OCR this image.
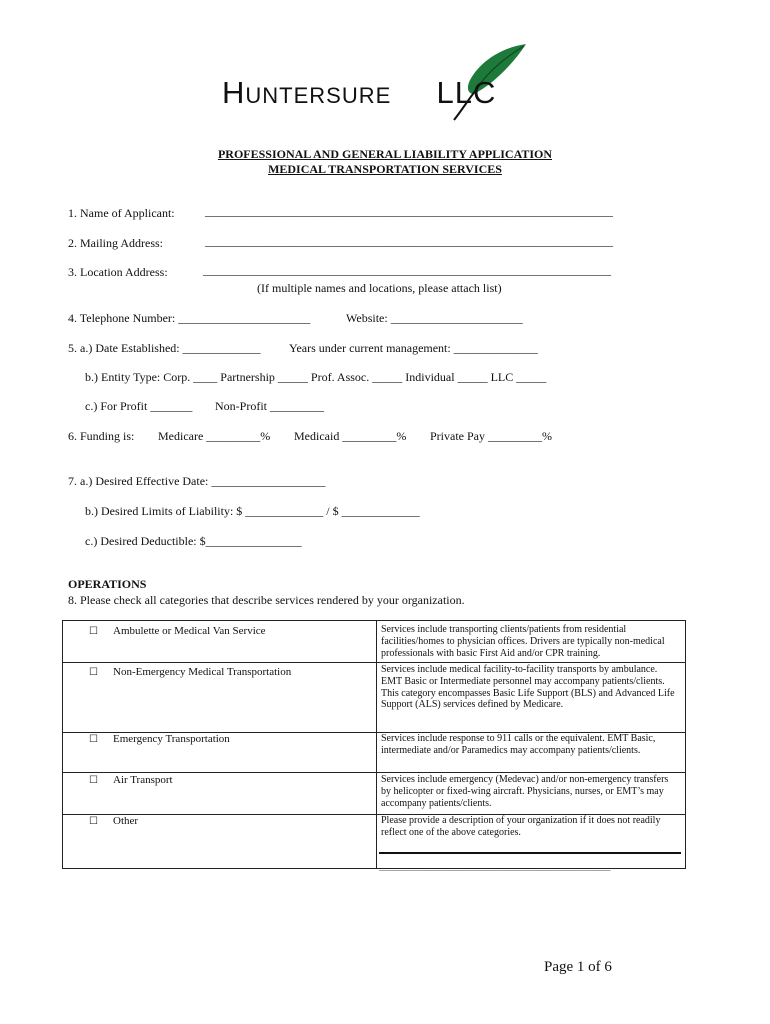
Huntersure LLC
PROFESSIONAL AND GENERAL LIABILITY APPLICATION
MEDICAL TRANSPORTATION SERVICES
1. Name of Applicant:	____________________________________________________________________
2. Mailing Address:	____________________________________________________________________
3. Location Address:	____________________________________________________________________
(If multiple names and locations, please attach list)
4. Telephone Number: ______________________	Website: ______________________
5. a.) Date Established: _____________ Years under current management: ______________
b.) Entity Type: Corp. ____ Partnership _____ Prof. Assoc. _____ Individual _____ LLC _____
c.) For Profit _______ Non-Profit _________
6. Funding is: Medicare _________% Medicaid _________% Private Pay _________%
7. a.) Desired Effective Date: ___________________
b.) Desired Limits of Liability: $ _____________ / $ _____________
c.) Desired Deductible: $________________
OPERATIONS
8. Please check all categories that describe services rendered by your organization.
☐ Ambulette or Medical Van Service	Services include transporting clients/patients from residential facilities/homes to physician offices. Drivers are typically non-medical professionals with basic First Aid and/or CPR training.
☐ Non-Emergency Medical Transportation	Services include medical facility-to-facility transports by ambulance. EMT Basic or Intermediate personnel may accompany patients/clients. This category encompasses Basic Life Support (BLS) and Advanced Life Support (ALS) services defined by Medicare.
☐ Emergency Transportation	Services include response to 911 calls or the equivalent. EMT Basic, intermediate and/or Paramedics may accompany patients/clients.
☐ Air Transport	Services include emergency (Medevac) and/or non-emergency transfers by helicopter or fixed-wing aircraft. Physicians, nurses, or EMT’s may accompany patients/clients.
☐ Other	Please provide a description of your organization if it does not readily reflect one of the above categories.
__________________________________________________________________
Page 1 of 6
